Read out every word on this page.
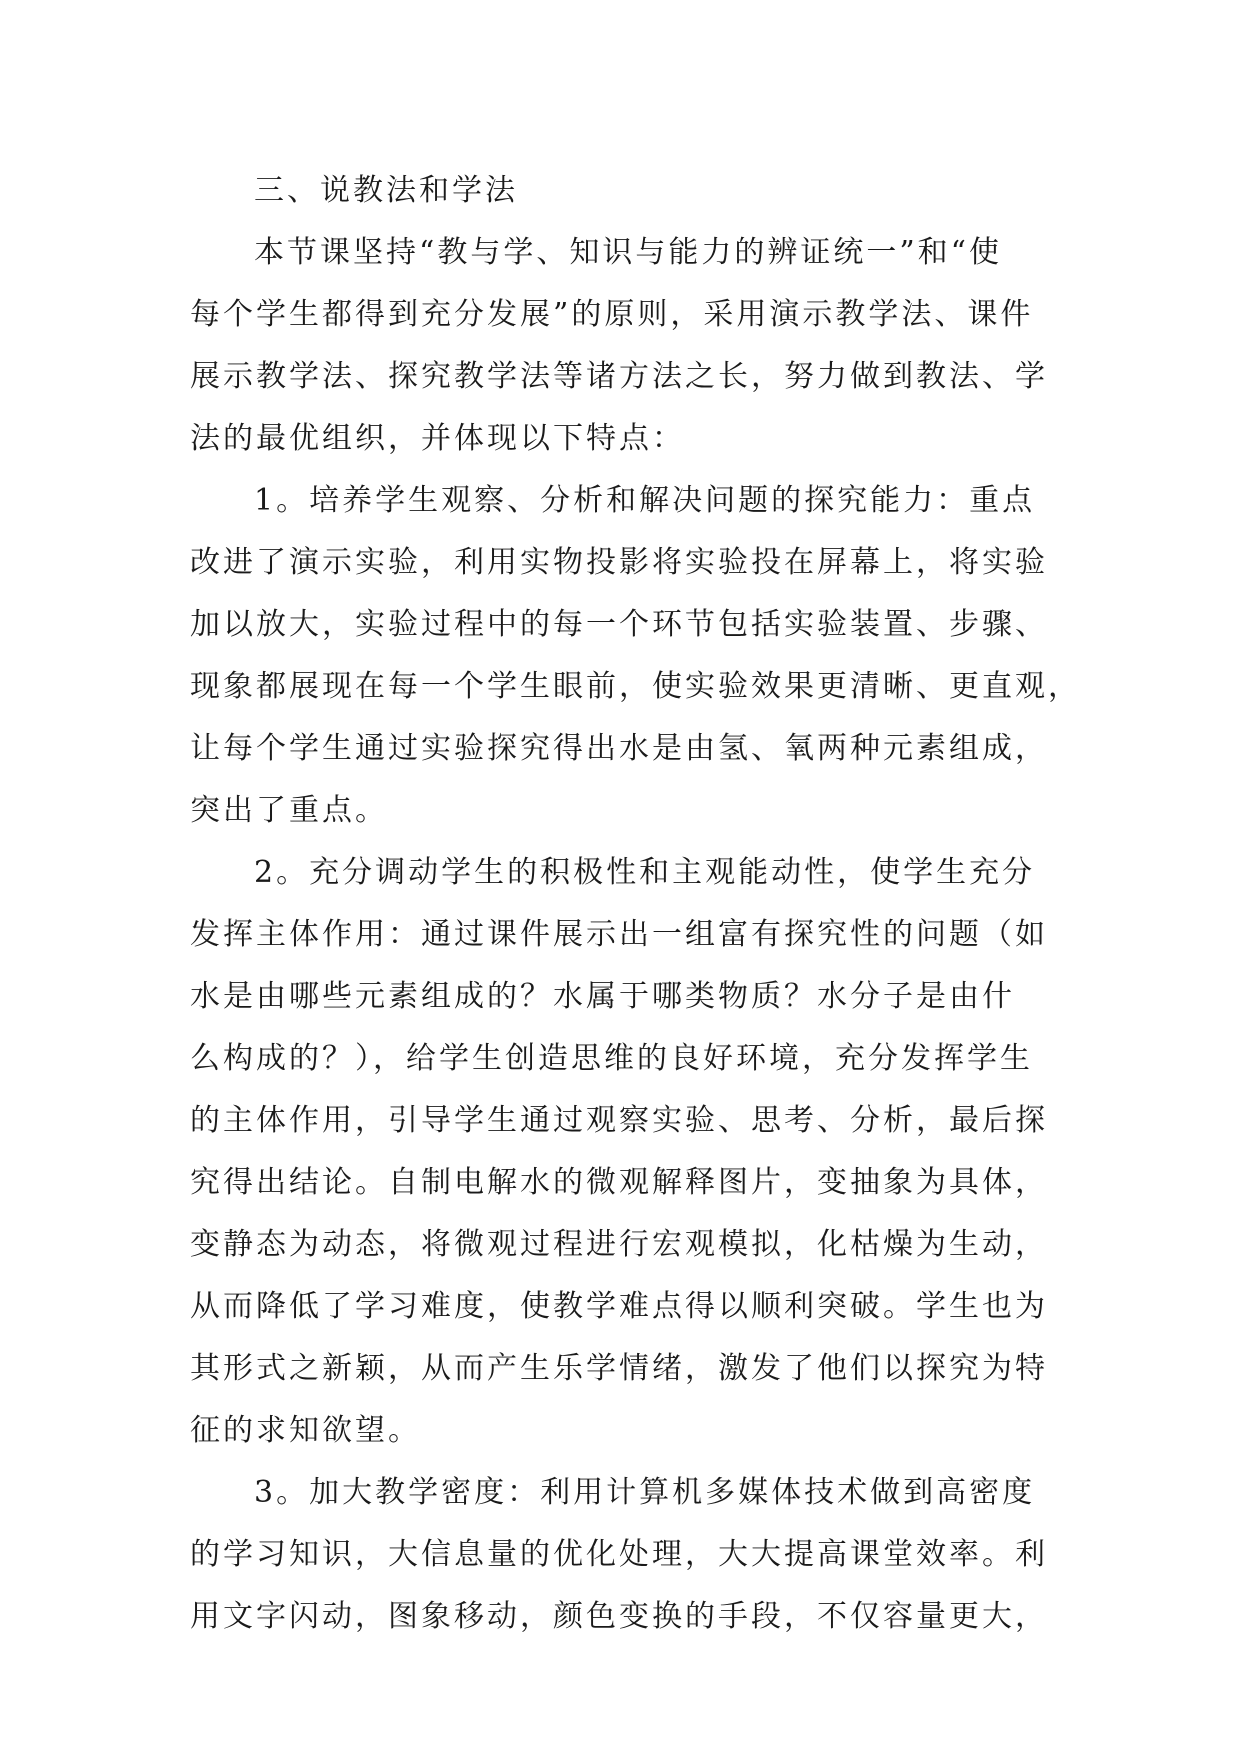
三、说教法和学法
本节课坚持“教与学、知识与能力的辨证统一”和“使
每个学生都得到充分发展”的原则，采用演示教学法、课件
展示教学法、探究教学法等诸方法之长，努力做到教法、学
法的最优组织，并体现以下特点：
1。培养学生观察、分析和解决问题的探究能力：重点
改进了演示实验，利用实物投影将实验投在屏幕上，将实验
加以放大，实验过程中的每一个环节包括实验装置、步骤、
现象都展现在每一个学生眼前，使实验效果更清晰、更直观，
让每个学生通过实验探究得出水是由氢、氧两种元素组成，
突出了重点。
2。充分调动学生的积极性和主观能动性，使学生充分
发挥主体作用：通过课件展示出一组富有探究性的问题（如
水是由哪些元素组成的？水属于哪类物质？水分子是由什
么构成的？），给学生创造思维的良好环境，充分发挥学生
的主体作用，引导学生通过观察实验、思考、分析，最后探
究得出结论。自制电解水的微观解释图片，变抽象为具体，
变静态为动态，将微观过程进行宏观模拟，化枯燥为生动，
从而降低了学习难度，使教学难点得以顺利突破。学生也为
其形式之新颖，从而产生乐学情绪，激发了他们以探究为特
征的求知欲望。
3。加大教学密度：利用计算机多媒体技术做到高密度
的学习知识，大信息量的优化处理，大大提高课堂效率。利
用文字闪动，图象移动，颜色变换的手段，不仅容量更大，
